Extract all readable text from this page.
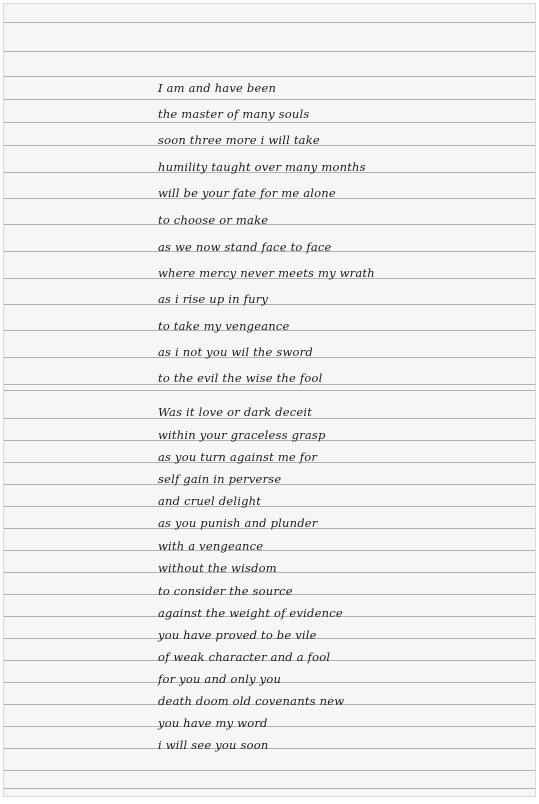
I am and have been
the master of many souls
soon three more i will take
humility taught over many months
will be your fate for me alone
to choose or make
as we now stand face to face
where mercy never meets my wrath
as i rise up in fury
to take my vengeance
as i not you wil the sword
to the evil the wise the fool
Was it love or dark deceit
within your graceless grasp
as you turn against me for
self gain in perverse
and cruel delight
as you punish and plunder
with a vengeance
without the wisdom
to consider the source
against the weight of evidence
you have proved to be vile
of weak character and a fool
for you and only you
death doom old covenants new
you have my word
i will see you soon
